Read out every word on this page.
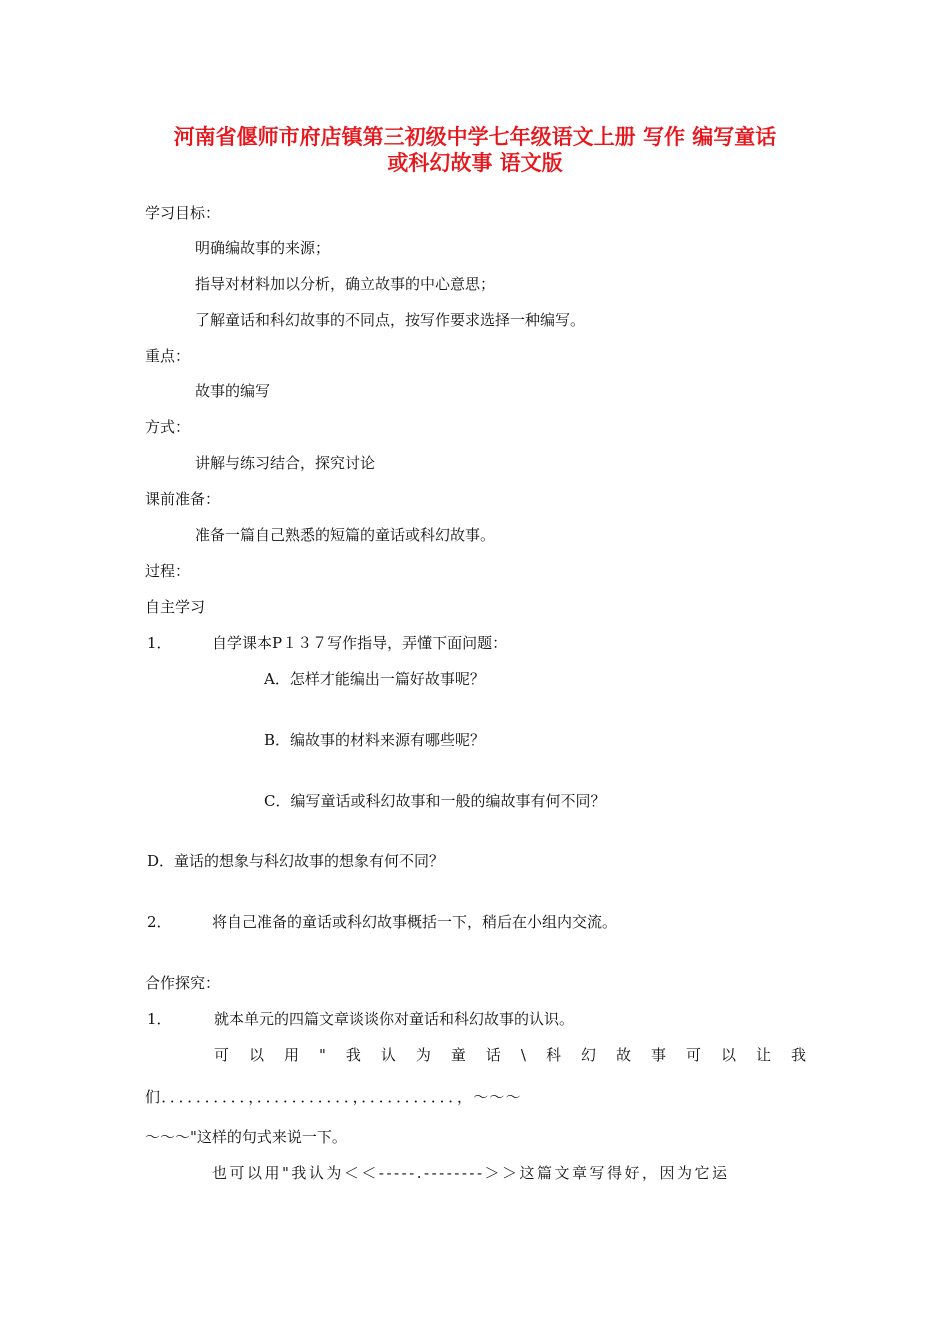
河南省偃师市府店镇第三初级中学七年级语文上册 写作 编写童话
或科幻故事 语文版
学习目标：
明确编故事的来源；
指导对材料加以分析，确立故事的中心意思；
了解童话和科幻故事的不同点，按写作要求选择一种编写。
重点：
故事的编写
方式：
讲解与练习结合，探究讨论
课前准备：
准备一篇自己熟悉的短篇的童话或科幻故事。
过程：
自主学习
1．	自学课本P１３７写作指导，弄懂下面问题：
A．怎样才能编出一篇好故事呢？
B．编故事的材料来源有哪些呢？
C．编写童话或科幻故事和一般的编故事有何不同？
D．童话的想象与科幻故事的想象有何不同？
2．	将自己准备的童话或科幻故事概括一下，稍后在小组内交流。
合作探究：
1．	就本单元的四篇文章谈谈你对童话和科幻故事的认识。
可 以 用 " 我 认 为 童 话 \ 科 幻 故 事 可 以 让 我
们．．．．．．．．．．，．．．．．．．．．．．，．．．．．．．．．．．，～～～
～～～"这样的句式来说一下。
也可以用"我认为＜＜-----.--------＞＞这篇文章写得好，因为它运
